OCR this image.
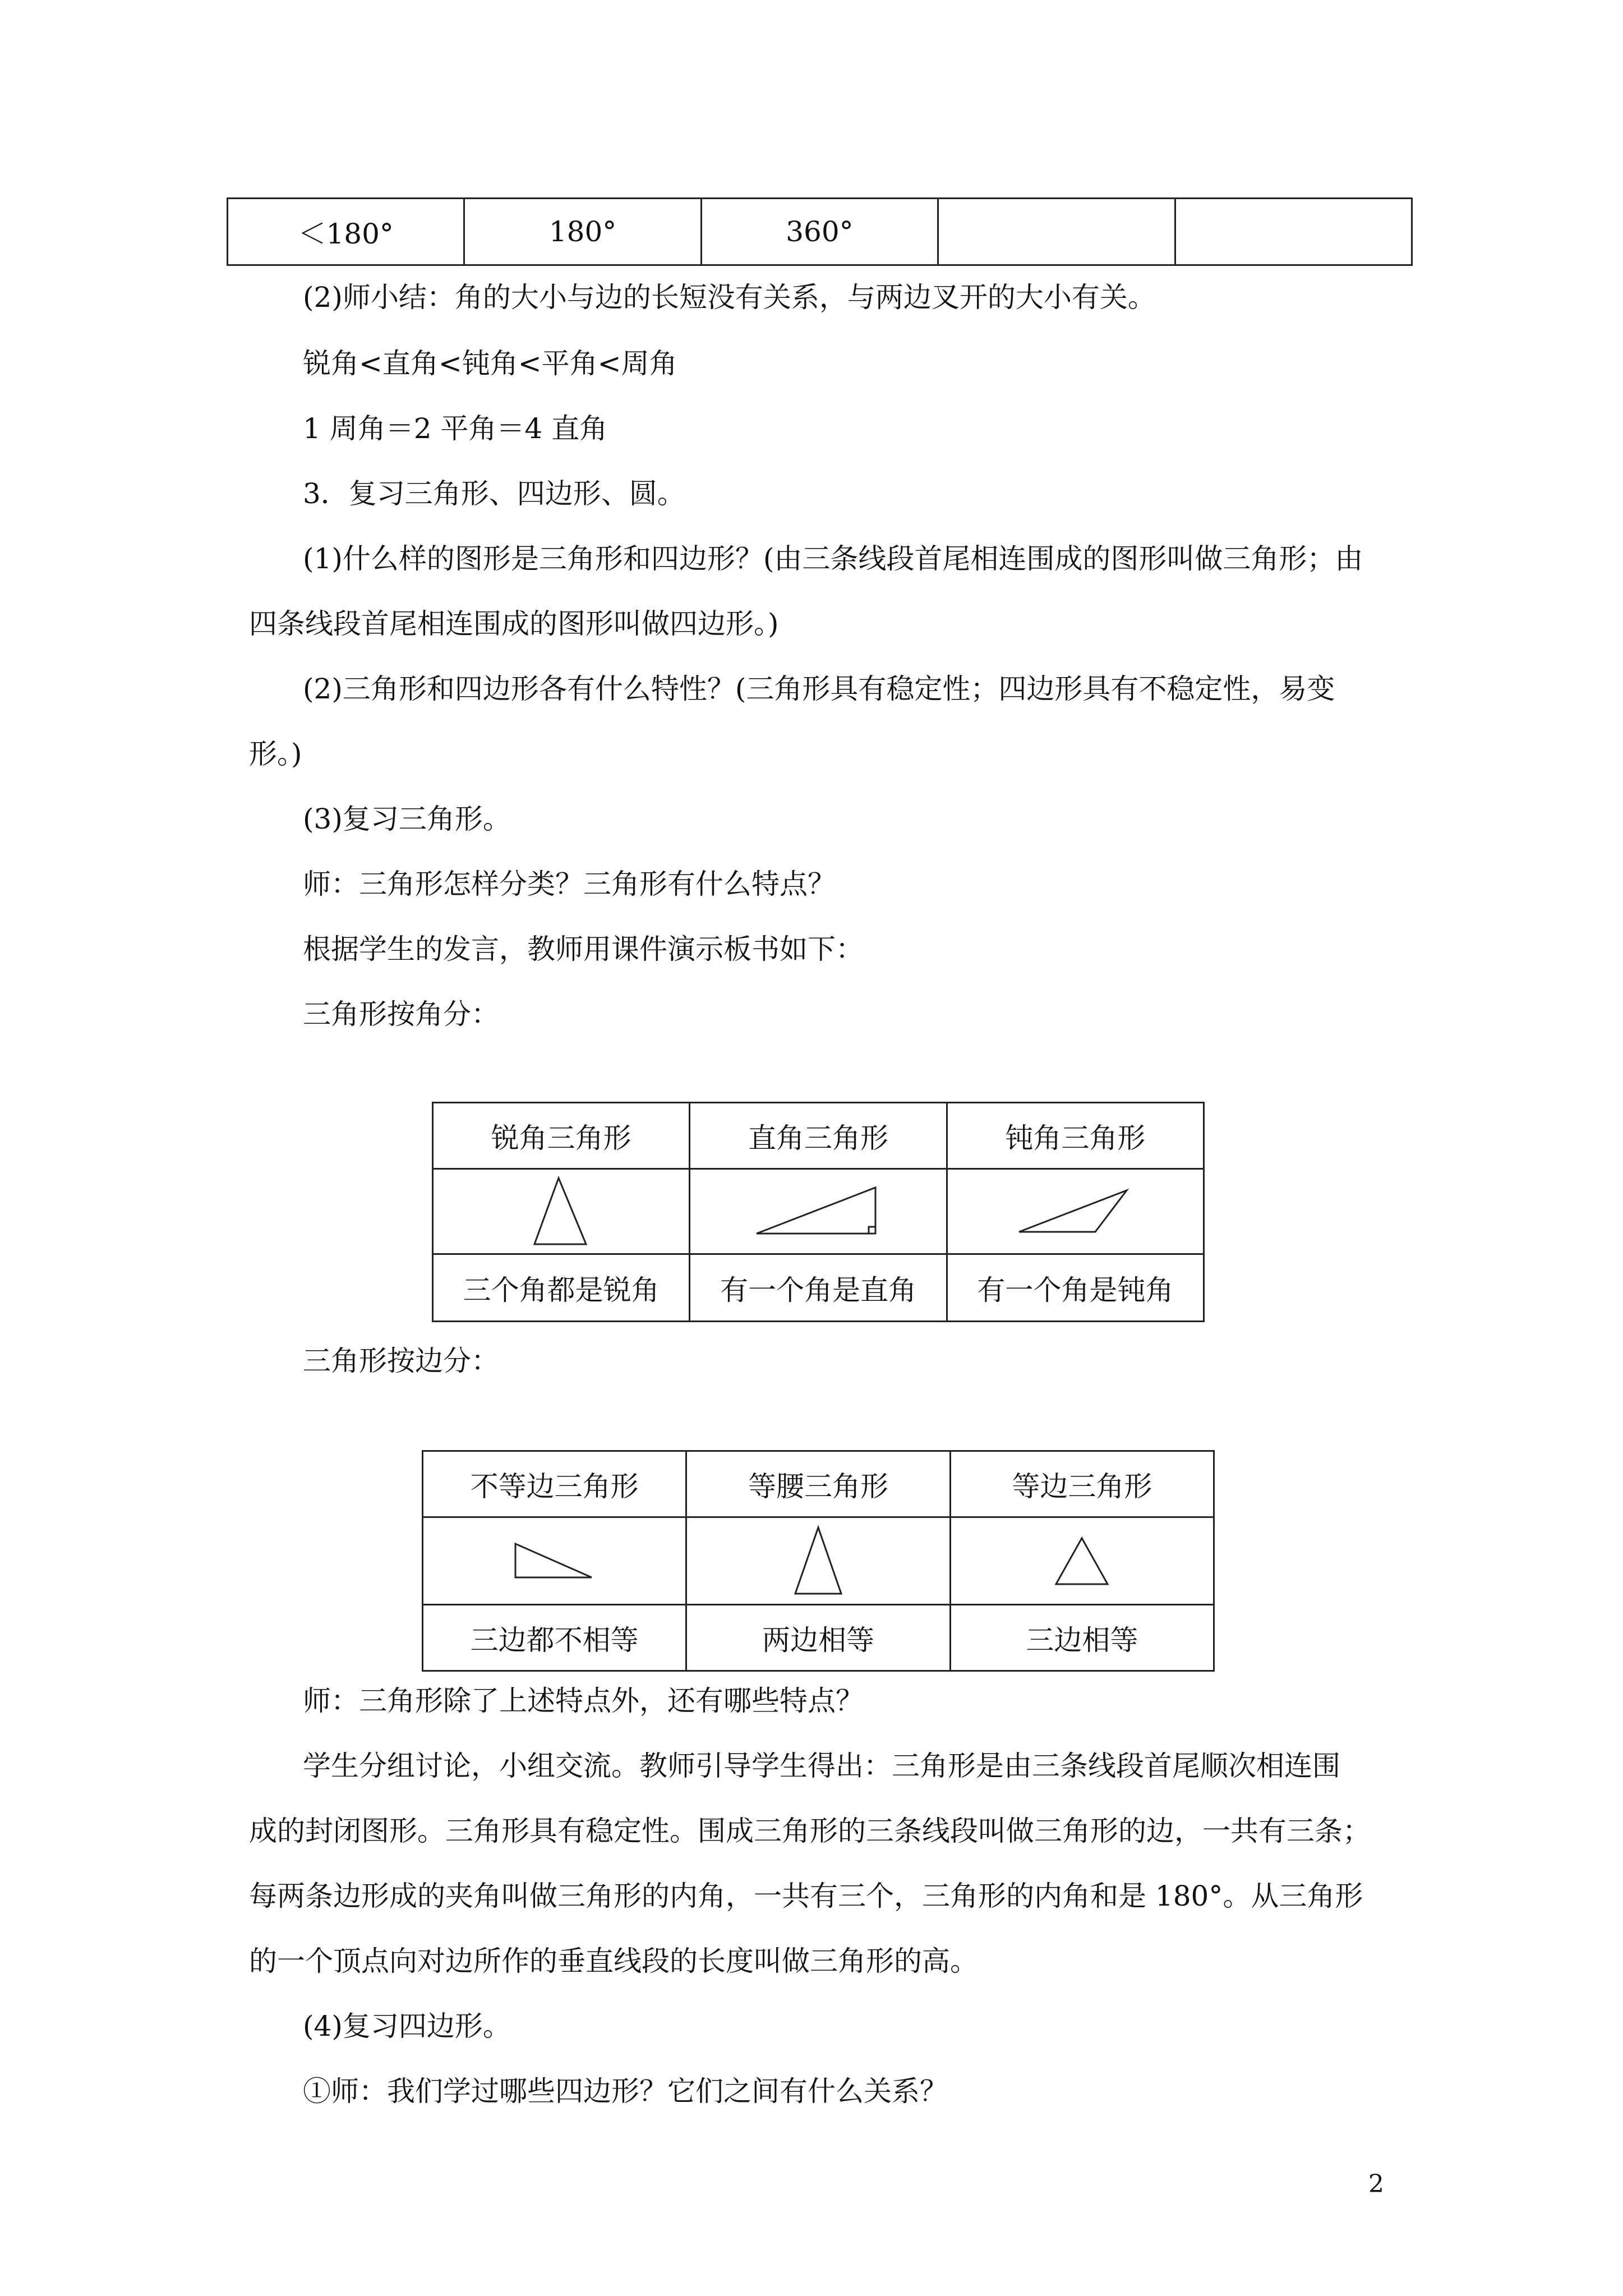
＜180°	180°	360°		
(2)师小结：角的大小与边的长短没有关系，与两边叉开的大小有关。
锐角<直角<钝角<平角<周角
1 周角＝2 平角＝4 直角
3．复习三角形、四边形、圆。
(1)什么样的图形是三角形和四边形？(由三条线段首尾相连围成的图形叫做三角形；由
四条线段首尾相连围成的图形叫做四边形。)
(2)三角形和四边形各有什么特性？(三角形具有稳定性；四边形具有不稳定性，易变
形。)
(3)复习三角形。
师：三角形怎样分类？三角形有什么特点？
根据学生的发言，教师用课件演示板书如下：
三角形按角分：
锐角三角形	直角三角形	钝角三角形

三个角都是锐角	有一个角是直角	有一个角是钝角
三角形按边分：
不等边三角形	等腰三角形	等边三角形

三边都不相等	两边相等	三边相等
师：三角形除了上述特点外，还有哪些特点？
学生分组讨论，小组交流。教师引导学生得出：三角形是由三条线段首尾顺次相连围
成的封闭图形。三角形具有稳定性。围成三角形的三条线段叫做三角形的边，一共有三条；
每两条边形成的夹角叫做三角形的内角，一共有三个，三角形的内角和是 180°。从三角形
的一个顶点向对边所作的垂直线段的长度叫做三角形的高。
(4)复习四边形。
①师：我们学过哪些四边形？它们之间有什么关系？
2
